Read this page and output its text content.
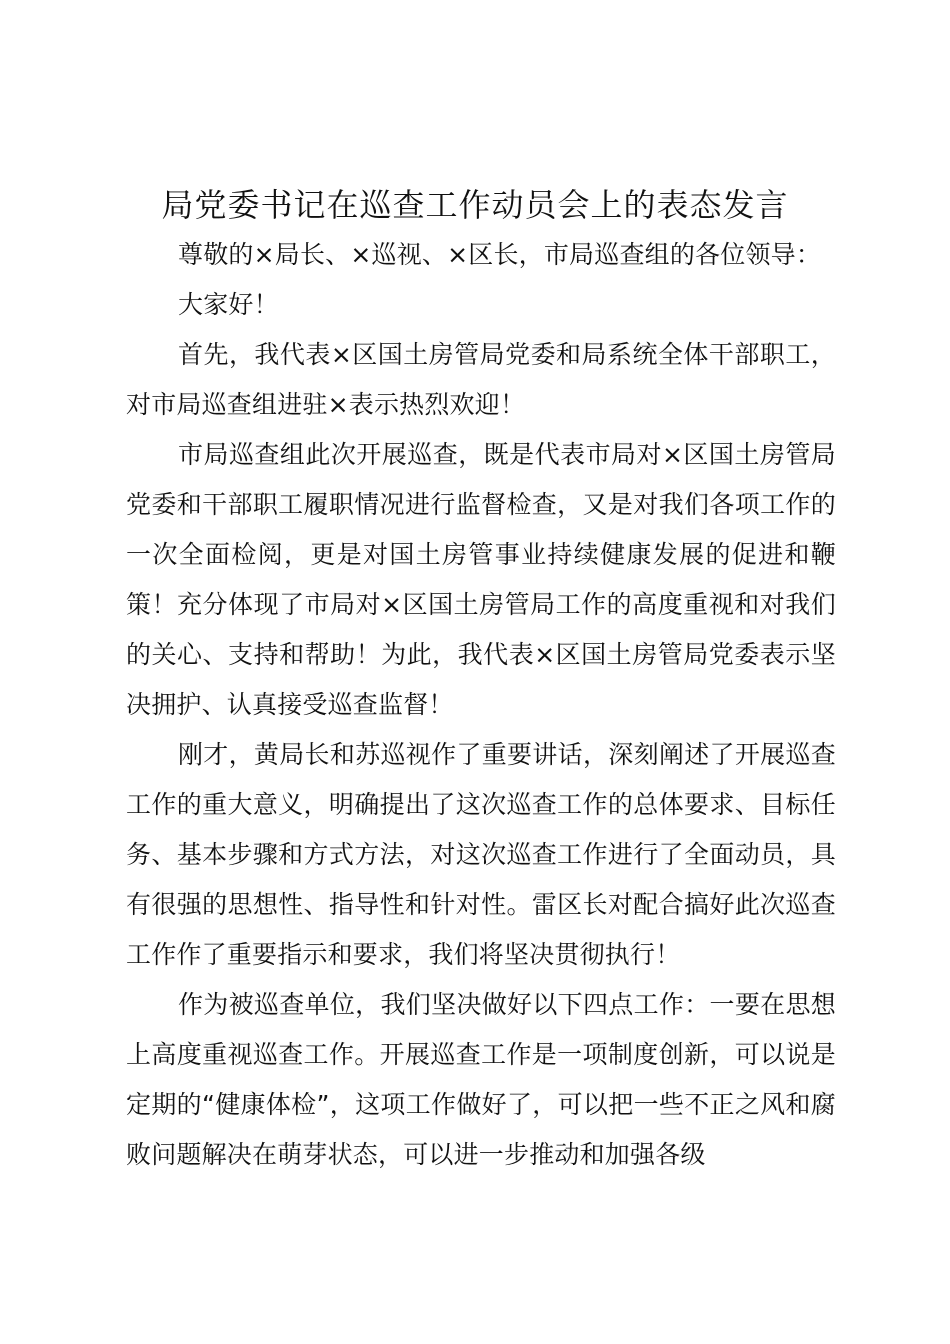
局党委书记在巡查工作动员会上的表态发言

尊敬的×局长、×巡视、×区长，市局巡查组的各位领导：

大家好！

首先，我代表×区国土房管局党委和局系统全体干部职工，对市局巡查组进驻×表示热烈欢迎！

市局巡查组此次开展巡查，既是代表市局对×区国土房管局党委和干部职工履职情况进行监督检查，又是对我们各项工作的一次全面检阅，更是对国土房管事业持续健康发展的促进和鞭策！充分体现了市局对×区国土房管局工作的高度重视和对我们的关心、支持和帮助！为此，我代表×区国土房管局党委表示坚决拥护、认真接受巡查监督！

刚才，黄局长和苏巡视作了重要讲话，深刻阐述了开展巡查工作的重大意义，明确提出了这次巡查工作的总体要求、目标任务、基本步骤和方式方法，对这次巡查工作进行了全面动员，具有很强的思想性、指导性和针对性。雷区长对配合搞好此次巡查工作作了重要指示和要求，我们将坚决贯彻执行！

作为被巡查单位，我们坚决做好以下四点工作：一要在思想上高度重视巡查工作。开展巡查工作是一项制度创新，可以说是定期的“健康体检”，这项工作做好了，可以把一些不正之风和腐败问题解决在萌芽状态，可以进一步推动和加强各级
